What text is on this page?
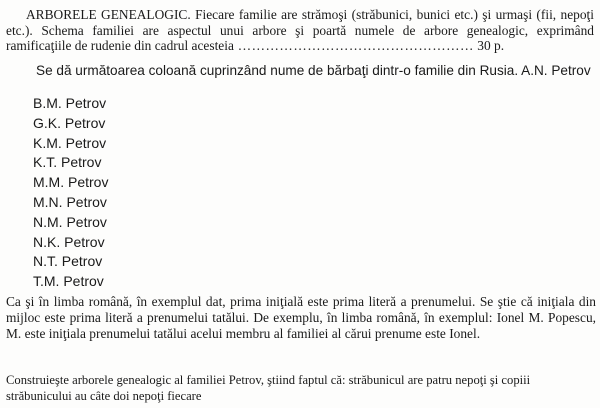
ARBORELE GENEALOGIC. Fiecare familie are strămoşi (străbunici, bunici etc.) şi urmaşi (fii, nepoţi etc.). Schema familiei are aspectul unui arbore şi poartă numele de arbore genealogic, exprimând ramificaţiile de rudenie din cadrul acesteia …………………………………………… 30 p.

Se dă următoarea coloană cuprinzând nume de bărbaţi dintr-o familie din Rusia. A.N. Petrov

B.M. Petrov
G.K. Petrov
K.M. Petrov
K.T. Petrov
M.M. Petrov
M.N. Petrov
N.M. Petrov
N.K. Petrov
N.T. Petrov
T.M. Petrov

Ca şi în limba română, în exemplul dat, prima iniţială este prima literă a prenumelui. Se ştie că iniţiala din mijloc este prima literă a prenumelui tatălui. De exemplu, în limba română, în exemplul: Ionel M. Popescu, M. este iniţiala prenumelui tatălui acelui membru al familiei al cărui prenume este Ionel.

Construieşte arborele genealogic al familiei Petrov, ştiind faptul că: străbunicul are patru nepoţi şi copiii străbunicului au câte doi nepoţi fiecare
